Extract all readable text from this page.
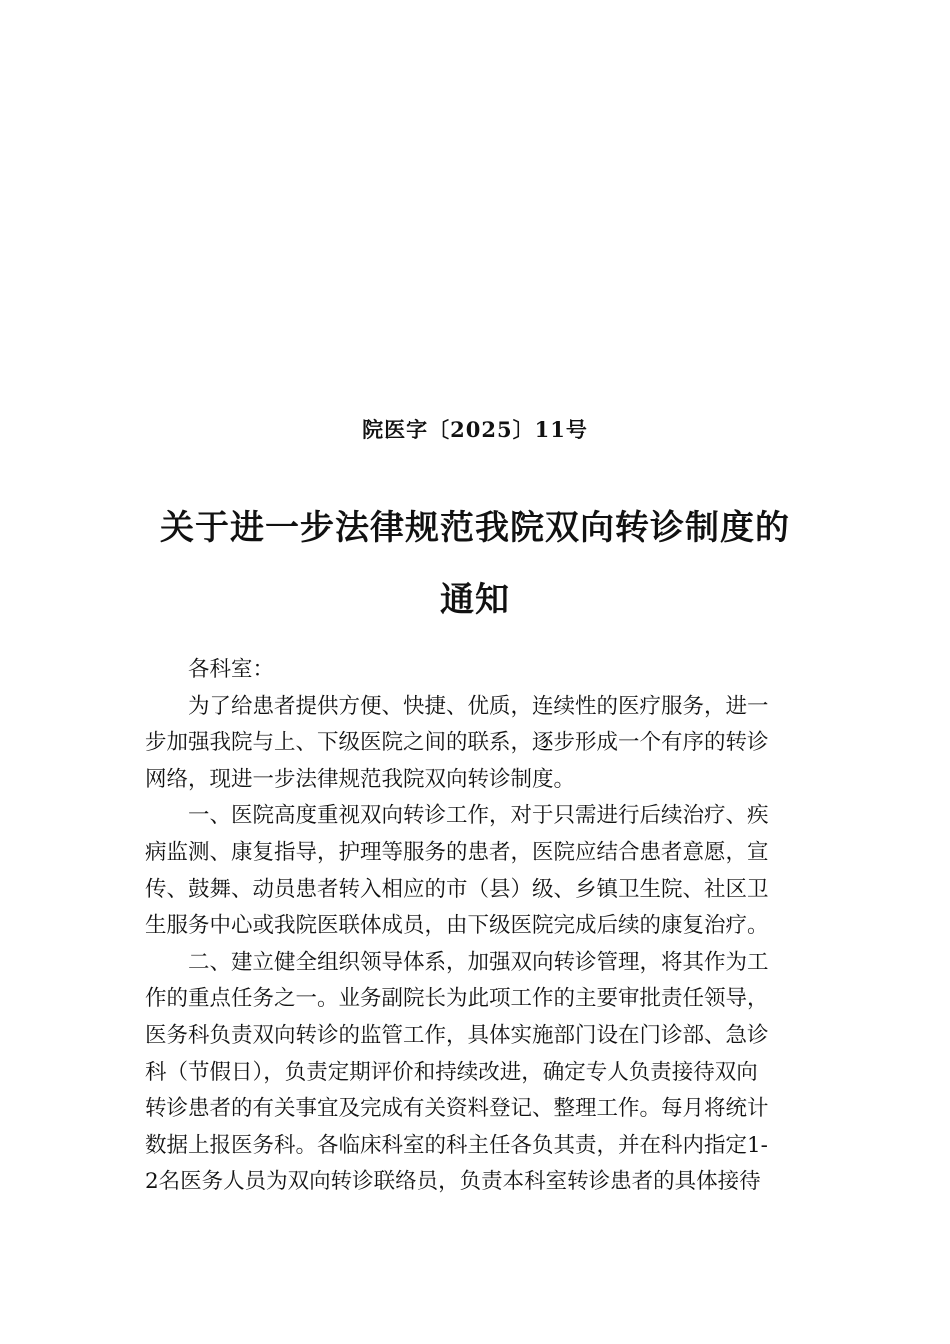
院医字〔2025〕11号
关于进一步法律规范我院双向转诊制度的
通知

各科室：

为了给患者提供方便、快捷、优质，连续性的医疗服务，进一
步加强我院与上、下级医院之间的联系，逐步形成一个有序的转诊
网络，现进一步法律规范我院双向转诊制度。
一、医院高度重视双向转诊工作，对于只需进行后续治疗、疾
病监测、康复指导，护理等服务的患者，医院应结合患者意愿，宣
传、鼓舞、动员患者转入相应的市（县）级、乡镇卫生院、社区卫
生服务中心或我院医联体成员，由下级医院完成后续的康复治疗。
二、建立健全组织领导体系，加强双向转诊管理，将其作为工
作的重点任务之一。业务副院长为此项工作的主要审批责任领导，
医务科负责双向转诊的监管工作，具体实施部门设在门诊部、急诊
科（节假日），负责定期评价和持续改进，确定专人负责接待双向
转诊患者的有关事宜及完成有关资料登记、整理工作。每月将统计
数据上报医务科。各临床科室的科主任各负其责，并在科内指定1-
2名医务人员为双向转诊联络员，负责本科室转诊患者的具体接待
